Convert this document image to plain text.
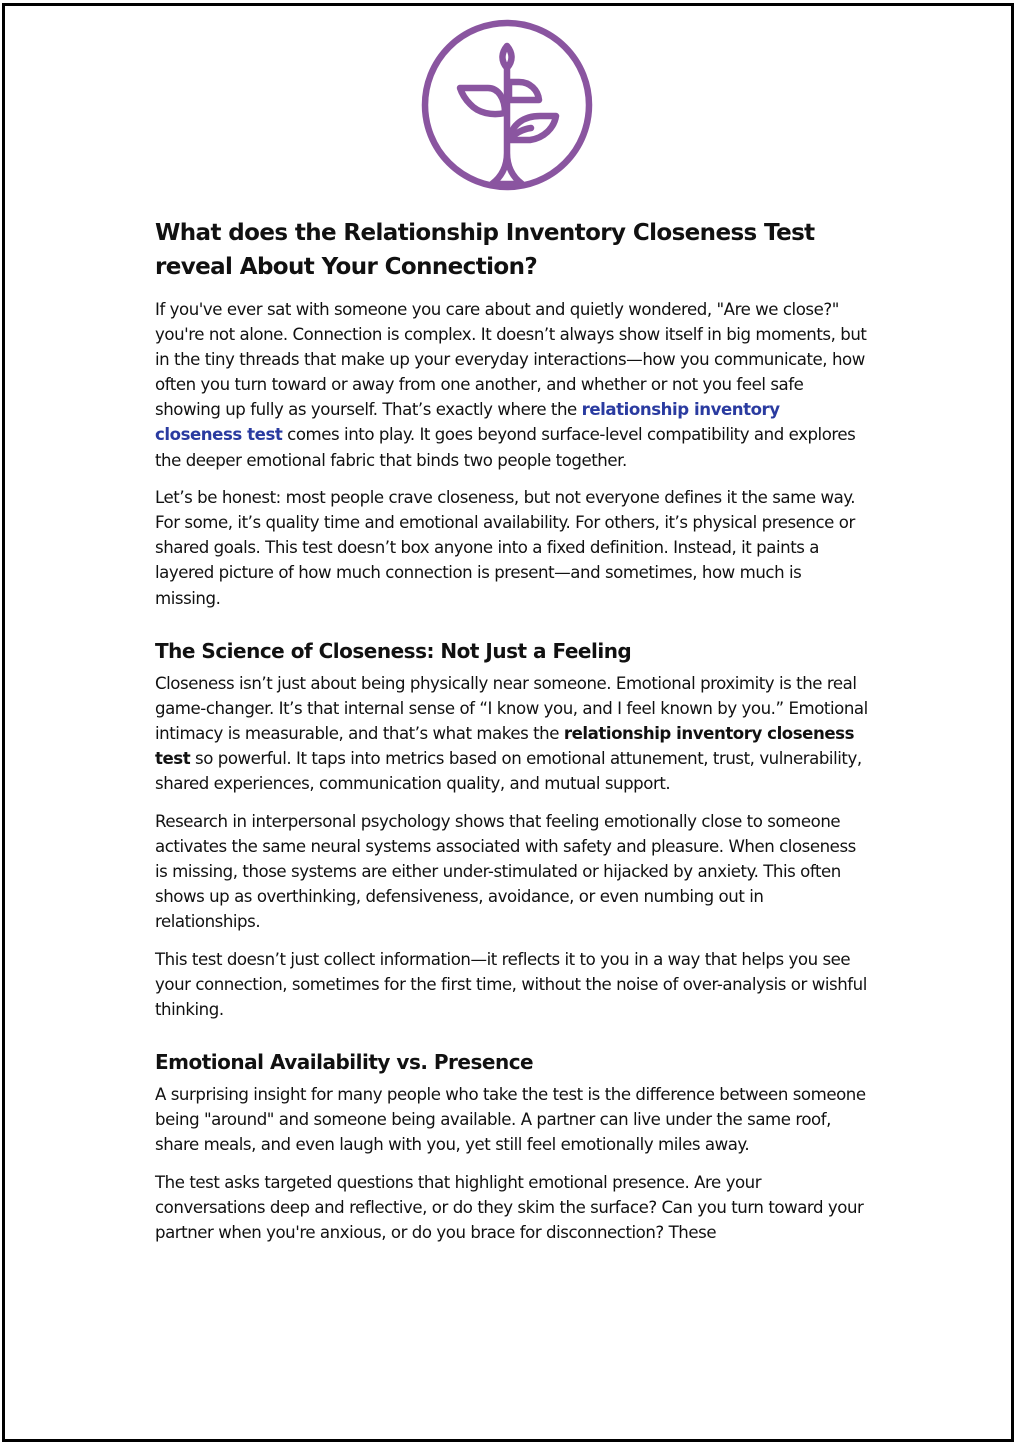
What does the Relationship Inventory Closeness Test reveal About Your Connection?

If you've ever sat with someone you care about and quietly wondered, "Are we close?" you're not alone. Connection is complex. It doesn’t always show itself in big moments, but in the tiny threads that make up your everyday interactions—how you communicate, how often you turn toward or away from one another, and whether or not you feel safe showing up fully as yourself. That’s exactly where the relationship inventory closeness test comes into play. It goes beyond surface-level compatibility and explores the deeper emotional fabric that binds two people together.

Let’s be honest: most people crave closeness, but not everyone defines it the same way. For some, it’s quality time and emotional availability. For others, it’s physical presence or shared goals. This test doesn’t box anyone into a fixed definition. Instead, it paints a layered picture of how much connection is present—and sometimes, how much is missing.

The Science of Closeness: Not Just a Feeling

Closeness isn’t just about being physically near someone. Emotional proximity is the real game-changer. It’s that internal sense of “I know you, and I feel known by you.” Emotional intimacy is measurable, and that’s what makes the relationship inventory closeness test so powerful. It taps into metrics based on emotional attunement, trust, vulnerability, shared experiences, communication quality, and mutual support.

Research in interpersonal psychology shows that feeling emotionally close to someone activates the same neural systems associated with safety and pleasure. When closeness is missing, those systems are either under-stimulated or hijacked by anxiety. This often shows up as overthinking, defensiveness, avoidance, or even numbing out in relationships.

This test doesn’t just collect information—it reflects it to you in a way that helps you see your connection, sometimes for the first time, without the noise of over-analysis or wishful thinking.

Emotional Availability vs. Presence

A surprising insight for many people who take the test is the difference between someone being "around" and someone being available. A partner can live under the same roof, share meals, and even laugh with you, yet still feel emotionally miles away.

The test asks targeted questions that highlight emotional presence. Are your conversations deep and reflective, or do they skim the surface? Can you turn toward your partner when you're anxious, or do you brace for disconnection? These
